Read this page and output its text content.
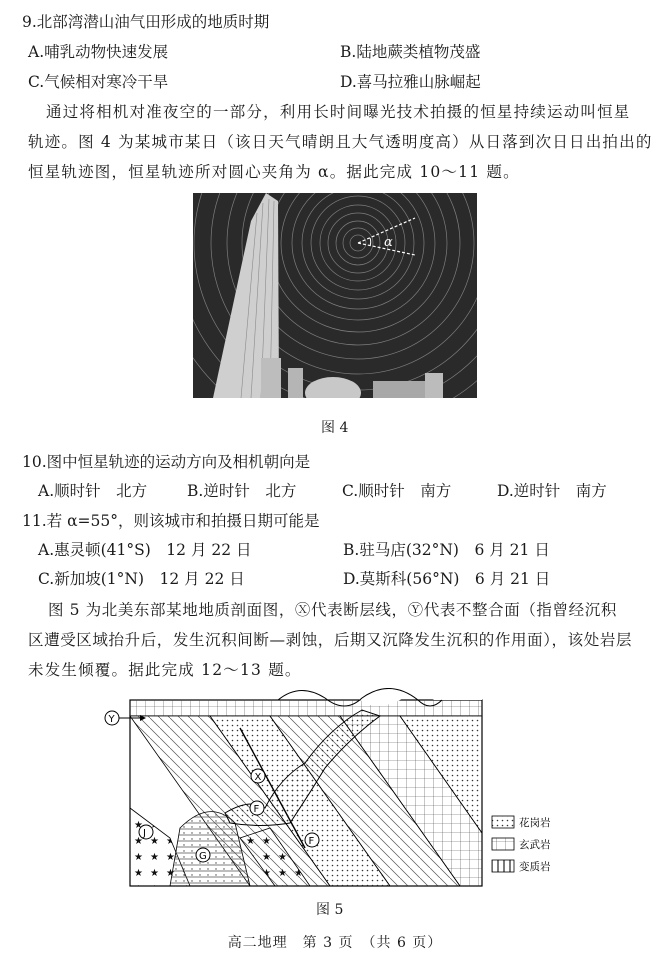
9.北部湾潜山油气田形成的地质时期
A.哺乳动物快速发展	B.陆地蕨类植物茂盛
C.气候相对寒冷干旱	D.喜马拉雅山脉崛起
通过将相机对准夜空的一部分，利用长时间曝光技术拍摄的恒星持续运动叫恒星
轨迹。图 4 为某城市某日（该日天气晴朗且大气透明度高）从日落到次日日出拍出的
恒星轨迹图，恒星轨迹所对圆心夹角为 α。据此完成 10～11 题。
α
图 4
10.图中恒星轨迹的运动方向及相机朝向是
A.顺时针　北方	B.逆时针　北方	C.顺时针　南方	D.逆时针　南方
11.若 α=55°，则该城市和拍摄日期可能是
A.惠灵顿(41°S)　12 月 22 日	B.驻马店(32°N)　6 月 21 日
C.新加坡(1°N)　12 月 22 日	D.莫斯科(56°N)　6 月 21 日
图 5 为北美东部某地地质剖面图，Ⓧ代表断层线，Ⓨ代表不整合面（指曾经沉积
区遭受区域抬升后，发生沉积间断—剥蚀，后期又沉降发生沉积的作用面），该处岩层
未发生倾覆。据此完成 12～13 题。
Y
X
F
F
J
G
花岗岩
玄武岩
变质岩
图 5
高二地理　第 3 页　（共 6 页）
